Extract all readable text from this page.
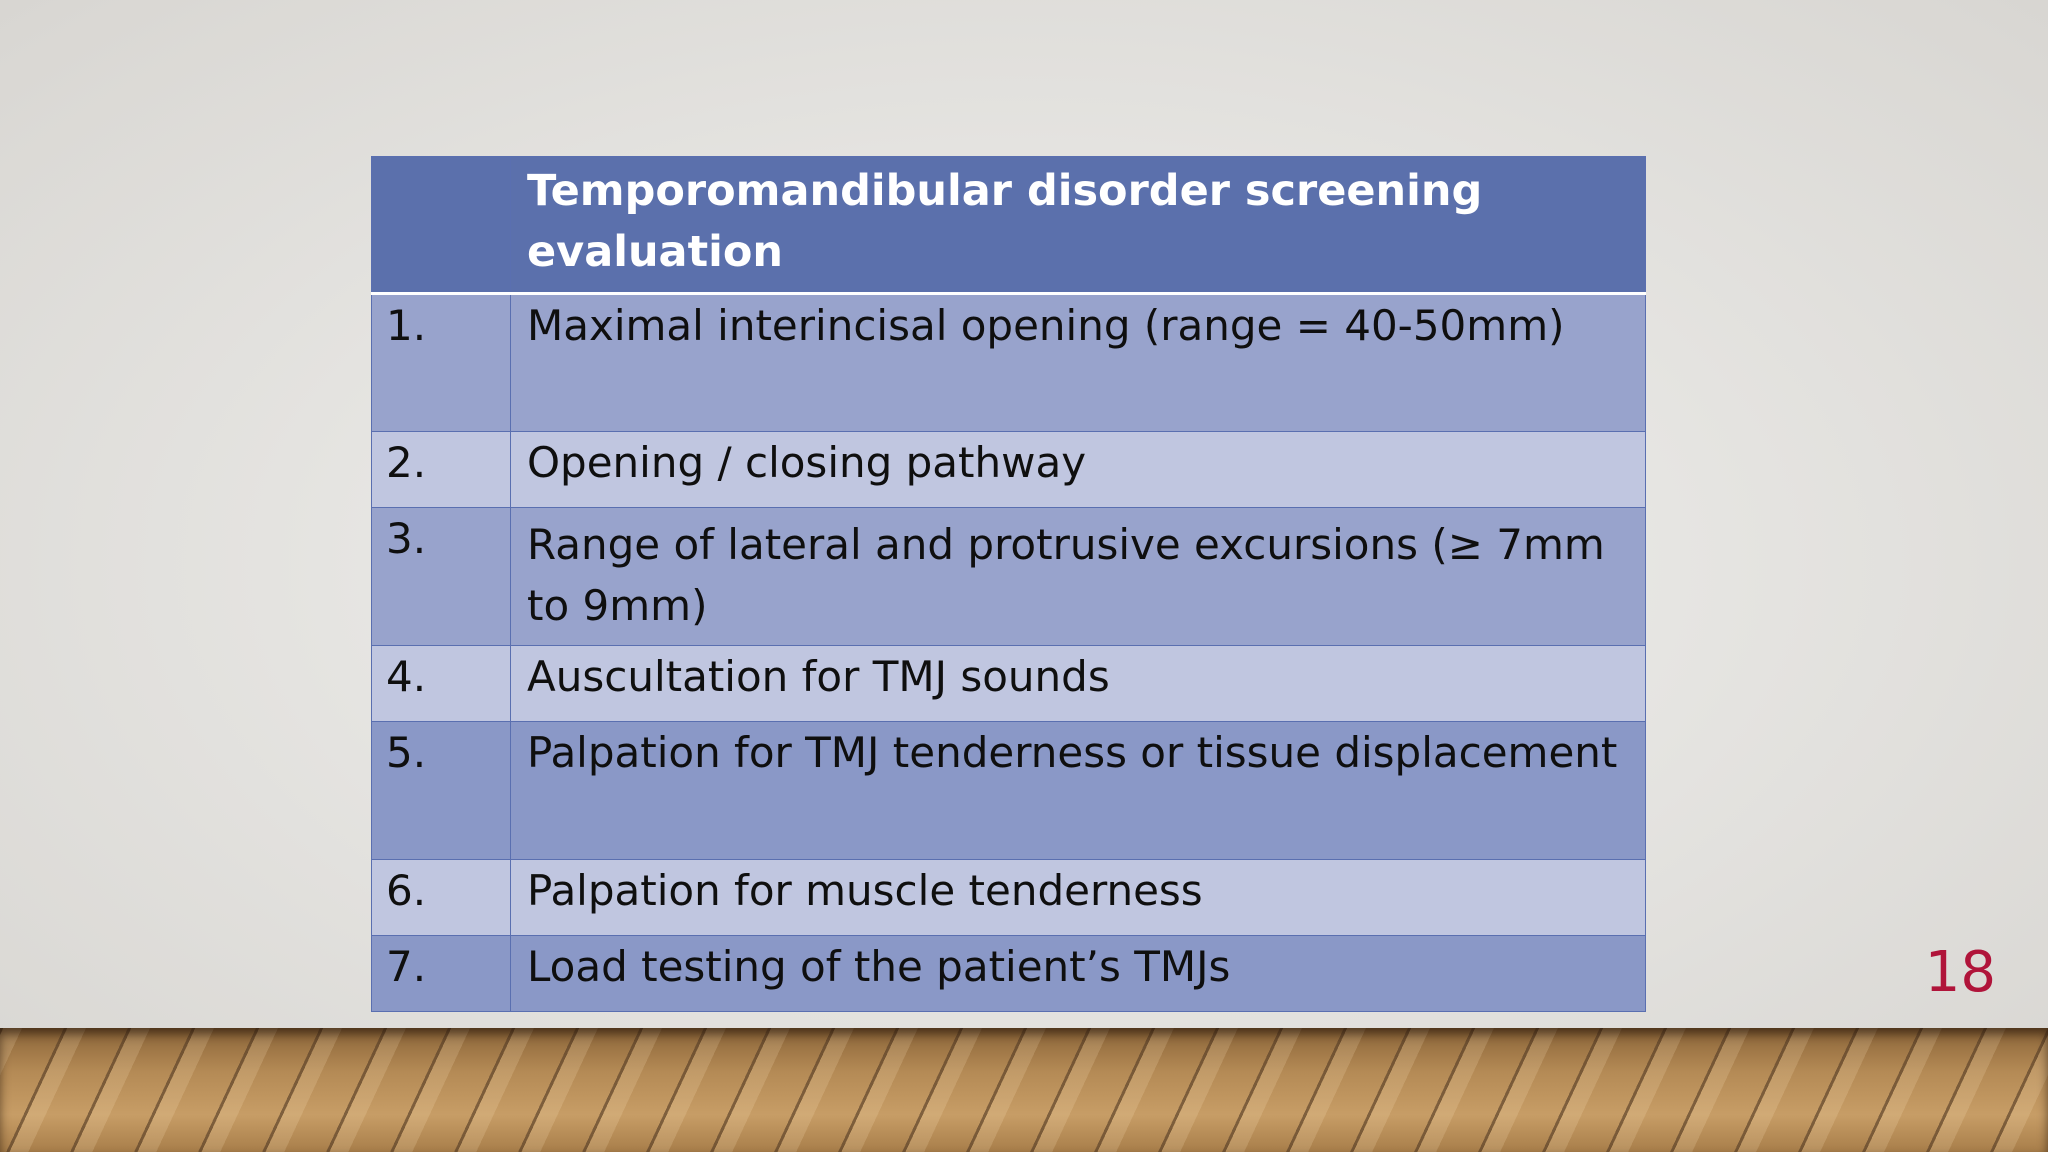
	Temporomandibular disorder screening evaluation
1.	Maximal interincisal opening (range = 40-50mm)
2.	Opening / closing pathway
3.	Range of lateral and protrusive excursions (≥ 7mm to 9mm)
4.	Auscultation for TMJ sounds
5.	Palpation for TMJ tenderness or tissue displacement
6.	Palpation for muscle tenderness
7.	Load testing of the patient’s TMJs	18
